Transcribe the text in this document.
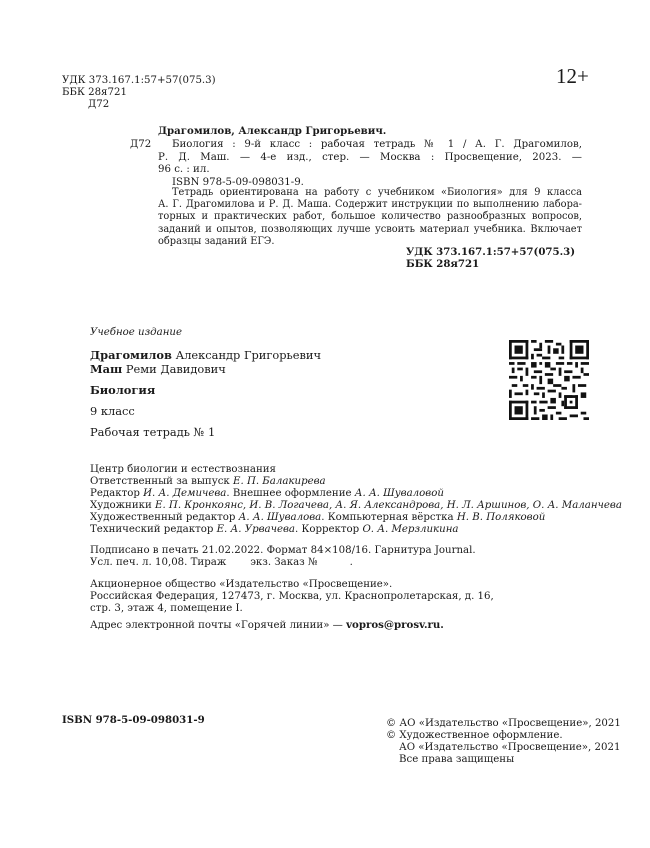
УДК 373.167.1:57+57(075.3)
ББК 28я721
Д72
12+
Драгомилов, Александр Григорьевич.
Д72	Биология : 9-й класс : рабочая тетрадь № 1 / А. Г. Драгомилов,
Р. Д. Маш. — 4-е изд., стер. — Москва : Просвещение, 2023. —
96 с. : ил.
ISBN 978-5-09-098031-9.
Тетрадь ориентирована на работу с учебником «Биология» для 9 класса
А. Г. Драгомилова и Р. Д. Маша. Содержит инструкции по выполнению лабора-
торных и практических работ, большое количество разнообразных вопросов,
заданий и опытов, позволяющих лучше усвоить материал учебника. Включает
образцы заданий ЕГЭ.
УДК 373.167.1:57+57(075.3)
ББК 28я721
Учебное издание
Драгомилов Александр Григорьевич
Маш Реми Давидович
Биология
9 класс
Рабочая тетрадь № 1
Центр биологии и естествознания
Ответственный за выпуск Е. П. Балакирева
Редактор И. А. Демичева. Внешнее оформление А. А. Шуваловой
Художники Е. П. Кронкоянс, И. В. Логачева, А. Я. Александрова, Н. Л. Аршинов, О. А. Маланчева
Художественный редактор А. А. Шувалова. Компьютерная вёрстка Н. В. Поляковой
Технический редактор Е. А. Урвачева. Корректор О. А. Мерзликина
Подписано в печать 21.02.2022. Формат 84×108/16. Гарнитура Journal.
Усл. печ. л. 10,08. Тираж экз. Заказ №	.
Акционерное общество «Издательство «Просвещение».
Российская Федерация, 127473, г. Москва, ул. Краснопролетарская, д. 16,
стр. 3, этаж 4, помещение I.
Адрес электронной почты «Горячей линии» — vopros@prosv.ru.
ISBN 978-5-09-098031-9	© АО «Издательство «Просвещение», 2021
© Художественное оформление.
АО «Издательство «Просвещение», 2021
Все права защищены
